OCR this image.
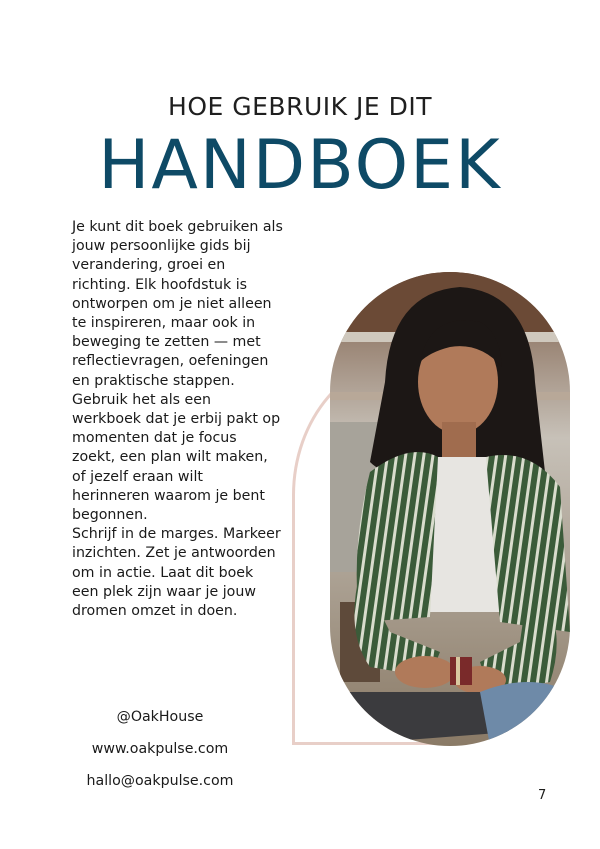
HOE GEBRUIK JE DIT
HANDBOEK

Je kunt dit boek gebruiken als jouw persoonlijke gids bij verandering, groei en richting. Elk hoofdstuk is ontworpen om je niet alleen te inspireren, maar ook in beweging te zetten — met reflectievragen, oefeningen en praktische stappen. Gebruik het als een werkboek dat je erbij pakt op momenten dat je focus zoekt, een plan wilt maken, of jezelf eraan wilt herinneren waarom je bent begonnen.

Schrijf in de marges. Markeer inzichten. Zet je antwoorden om in actie. Laat dit boek een plek zijn waar je jouw dromen omzet in doen.

@OakHouse
www.oakpulse.com
hallo@oakpulse.com
7
